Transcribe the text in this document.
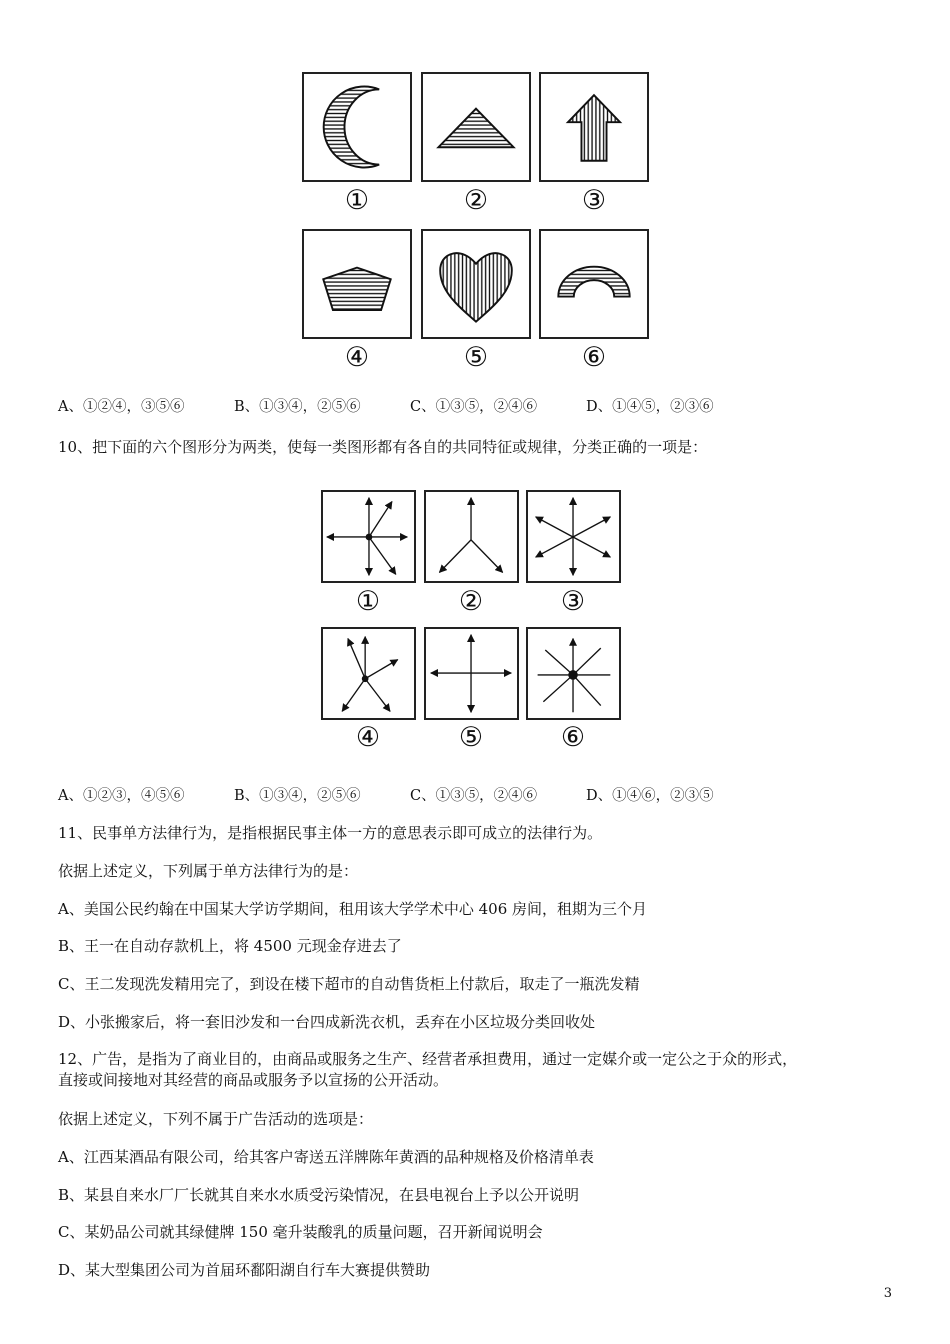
①	②	③
④	⑤	⑥
A、①②④，③⑤⑥	B、①③④，②⑤⑥	C、①③⑤，②④⑥	D、①④⑤，②③⑥
10、把下面的六个图形分为两类，使每一类图形都有各自的共同特征或规律，分类正确的一项是：
①	②	③
④	⑤	⑥
A、①②③，④⑤⑥	B、①③④，②⑤⑥	C、①③⑤，②④⑥	D、①④⑥，②③⑤
11、民事单方法律行为，是指根据民事主体一方的意思表示即可成立的法律行为。
依据上述定义，下列属于单方法律行为的是：
A、美国公民约翰在中国某大学访学期间，租用该大学学术中心 406 房间，租期为三个月
B、王一在自动存款机上，将 4500 元现金存进去了
C、王二发现洗发精用完了，到设在楼下超市的自动售货柜上付款后，取走了一瓶洗发精
D、小张搬家后，将一套旧沙发和一台四成新洗衣机，丢弃在小区垃圾分类回收处
12、广告，是指为了商业目的，由商品或服务之生产、经营者承担费用，通过一定媒介或一定公之于众的形式，
直接或间接地对其经营的商品或服务予以宣扬的公开活动。
依据上述定义，下列不属于广告活动的选项是：
A、江西某酒品有限公司，给其客户寄送五洋牌陈年黄酒的品种规格及价格清单表
B、某县自来水厂厂长就其自来水水质受污染情况，在县电视台上予以公开说明
C、某奶品公司就其绿健牌 150 毫升装酸乳的质量问题，召开新闻说明会
D、某大型集团公司为首届环鄱阳湖自行车大赛提供赞助
3
